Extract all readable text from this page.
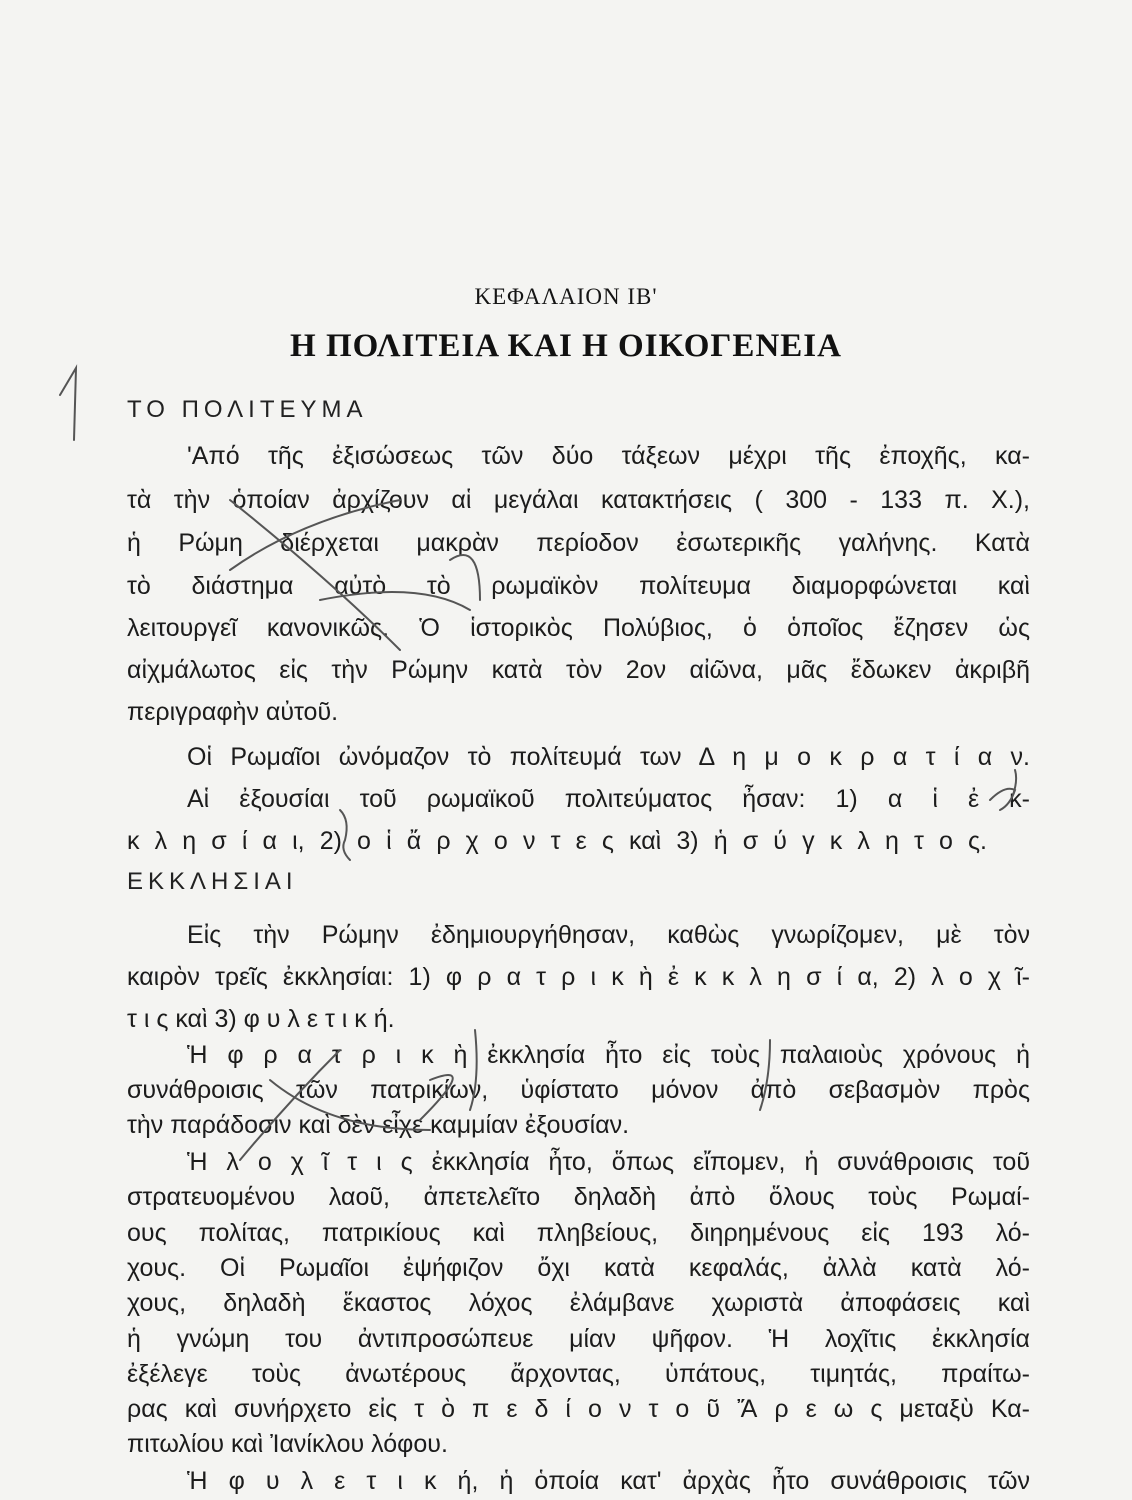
ΚΕΦΑΛΑΙΟΝ ΙΒ'
Η ΠΟΛΙΤΕΙΑ ΚΑΙ Η ΟΙΚΟΓΕΝΕΙΑ
ΤΟ ΠΟΛΙΤΕΥΜΑ
'Από τῆς ἐξισώσεως τῶν δύο τάξεων μέχρι τῆς ἐποχῆς, κα-
τὰ τὴν ὁποίαν ἀρχίζουν αἱ μεγάλαι κατακτήσεις ( 300 - 133 π. Χ.),
ἡ Ρώμη διέρχεται μακρὰν περίοδον ἐσωτερικῆς γαλήνης. Κατὰ
τὸ διάστημα αὐτὸ τὸ ρωμαϊκὸν πολίτευμα διαμορφώνεται καὶ
λειτουργεῖ κανονικῶς. Ὁ ἱστορικὸς Πολύβιος, ὁ ὁποῖος ἔζησεν ὡς
αἰχμάλωτος εἰς τὴν Ρώμην κατὰ τὸν 2ον αἰῶνα, μᾶς ἔδωκεν ἀκριβῆ
περιγραφὴν αὐτοῦ.
Οἱ Ρωμαῖοι ὠνόμαζον τὸ πολίτευμά των Δ η μ ο κ ρ α τ ί α ν.
Αἱ ἐξουσίαι τοῦ ρωμαϊκοῦ πολιτεύματος ἦσαν: 1) α ἱ ἐ κ-
κ λ η σ ί α ι, 2) ο ἱ ἄ ρ χ ο ν τ ε ς καὶ 3) ἡ σ ύ γ κ λ η τ ο ς.
ΕΚΚΛΗΣΙΑΙ
Εἰς τὴν Ρώμην ἐδημιουργήθησαν, καθὼς γνωρίζομεν, μὲ τὸν
καιρὸν τρεῖς ἐκκλησίαι: 1) φ ρ α τ ρ ι κ ὴ ἐ κ κ λ η σ ί α, 2) λ ο χ ῖ-
τ ι ς καὶ 3) φ υ λ ε τ ι κ ή.
Ἡ φ ρ α τ ρ ι κ ὴ ἐκκλησία ἦτο εἰς τοὺς παλαιοὺς χρόνους ἡ
συνάθροισις τῶν πατρικίων, ὑφίστατο μόνον ἀπὸ σεβασμὸν πρὸς
τὴν παράδοσιν καὶ δὲν εἶχε καμμίαν ἐξουσίαν.
Ἡ λ ο χ ῖ τ ι ς ἐκκλησία ἦτο, ὅπως εἴπομεν, ἡ συνάθροισις τοῦ
στρατευομένου λαοῦ, ἀπετελεῖτο δηλαδὴ ἀπὸ ὅλους τοὺς Ρωμαί-
ους πολίτας, πατρικίους καὶ πληβείους, διηρημένους εἰς 193 λό-
χους. Οἱ Ρωμαῖοι ἐψήφιζον ὄχι κατὰ κεφαλάς, ἀλλὰ κατὰ λό-
χους, δηλαδὴ ἕκαστος λόχος ἐλάμβανε χωριστὰ ἀποφάσεις καὶ
ἡ γνώμη του ἀντιπροσώπευε μίαν ψῆφον. Ἡ λοχῖτις ἐκκλησία
ἐξέλεγε τοὺς ἀνωτέρους ἄρχοντας, ὑπάτους, τιμητάς, πραίτω-
ρας καὶ συνήρχετο εἰς τ ὸ π ε δ ί ο ν τ ο ῦ Ἄ ρ ε ω ς μεταξὺ Κα-
πιτωλίου καὶ Ἰανίκλου λόφου.
Ἡ φ υ λ ε τ ι κ ή, ἡ ὁποία κατ' ἀρχὰς ἦτο συνάθροισις τῶν
